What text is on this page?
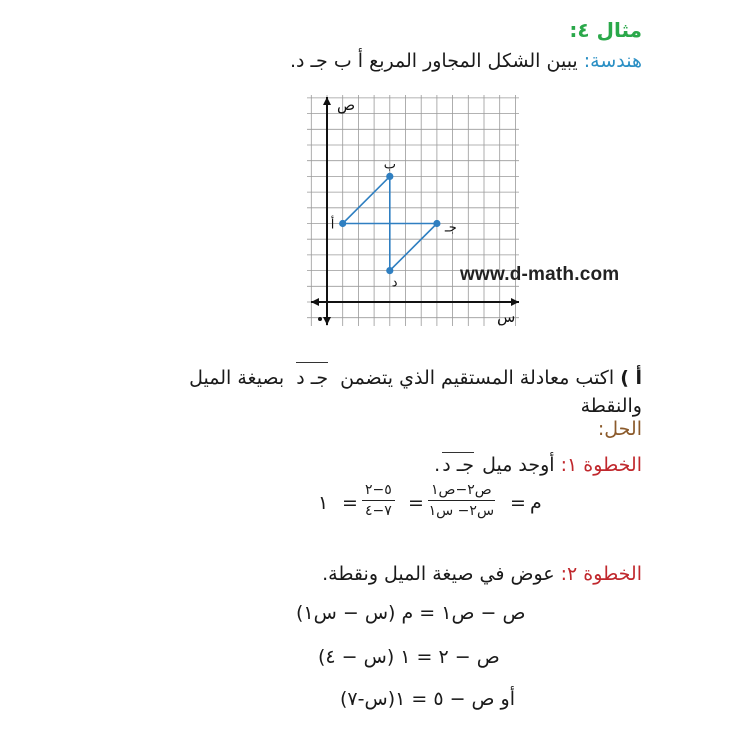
مثال ٤:
هندسة: يبين الشكل المجاور المربع أ ب جـ د.
ص
س
ب
أ	جـ
د	www.d-math.com
أ ) اكتب معادلة المستقيم الذي يتضمن جـ د بصيغة الميل والنقطة
الحل:
الخطوة ١: أوجد ميل جـ د.
١ =
٥−٢
٧−٤ =
ص٢−ص١
س٢− س١ = م
الخطوة ٢: عوض في صيغة الميل ونقطة.
ص − ص١ = م (س − س١)
ص − ٢ = ١ (س − ٤)
أو ص − ٥ = ١(س-٧)
